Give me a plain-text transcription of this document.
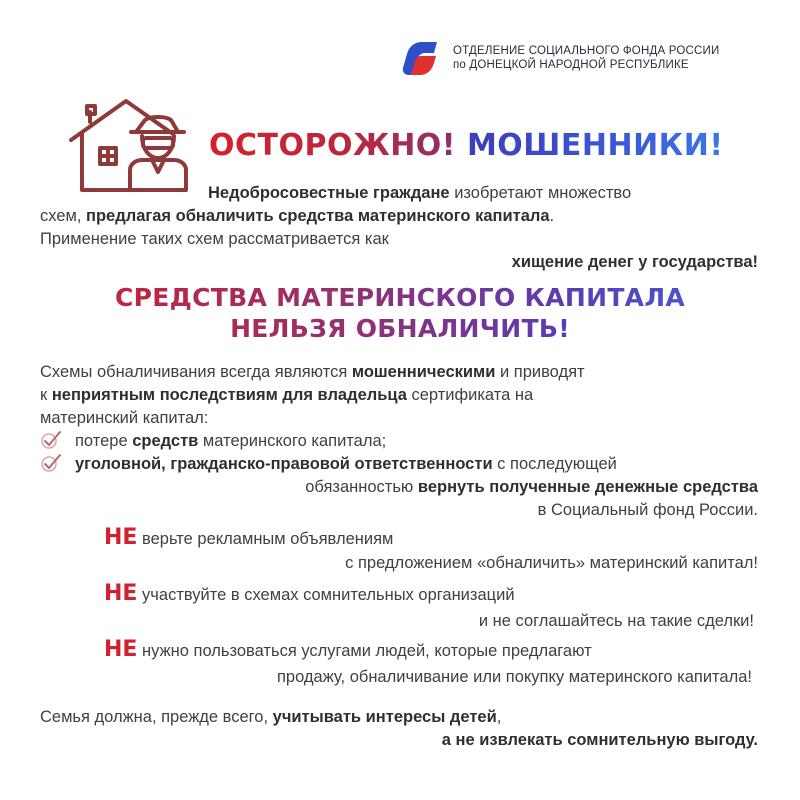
ОТДЕЛЕНИЕ СОЦИАЛЬНОГО ФОНДА РОССИИ
по ДОНЕЦКОЙ НАРОДНОЙ РЕСПУБЛИКЕ
ОСТОРОЖНО! МОШЕННИКИ!
Недобросовестные граждане изобретают множество
схем, предлагая обналичить средства материнского капитала.
Применение таких схем рассматривается как
хищение денег у государства!
СРЕДСТВА МАТЕРИНСКОГО КАПИТАЛА
НЕЛЬЗЯ ОБНАЛИЧИТЬ!
Схемы обналичивания всегда являются мошенническими и приводят
к неприятным последствиям для владельца сертификата на
материнский капитал:
потере средств материнского капитала;
уголовной, гражданско-правовой ответственности с последующей
обязанностью вернуть полученные денежные средства
в Социальный фонд России.
НЕ верьте рекламным объявлениям
с предложением «обналичить» материнский капитал!
НЕ участвуйте в схемах сомнительных организаций
и не соглашайтесь на такие сделки!
НЕ нужно пользоваться услугами людей, которые предлагают
продажу, обналичивание или покупку материнского капитала!
Семья должна, прежде всего, учитывать интересы детей,
а не извлекать сомнительную выгоду.
